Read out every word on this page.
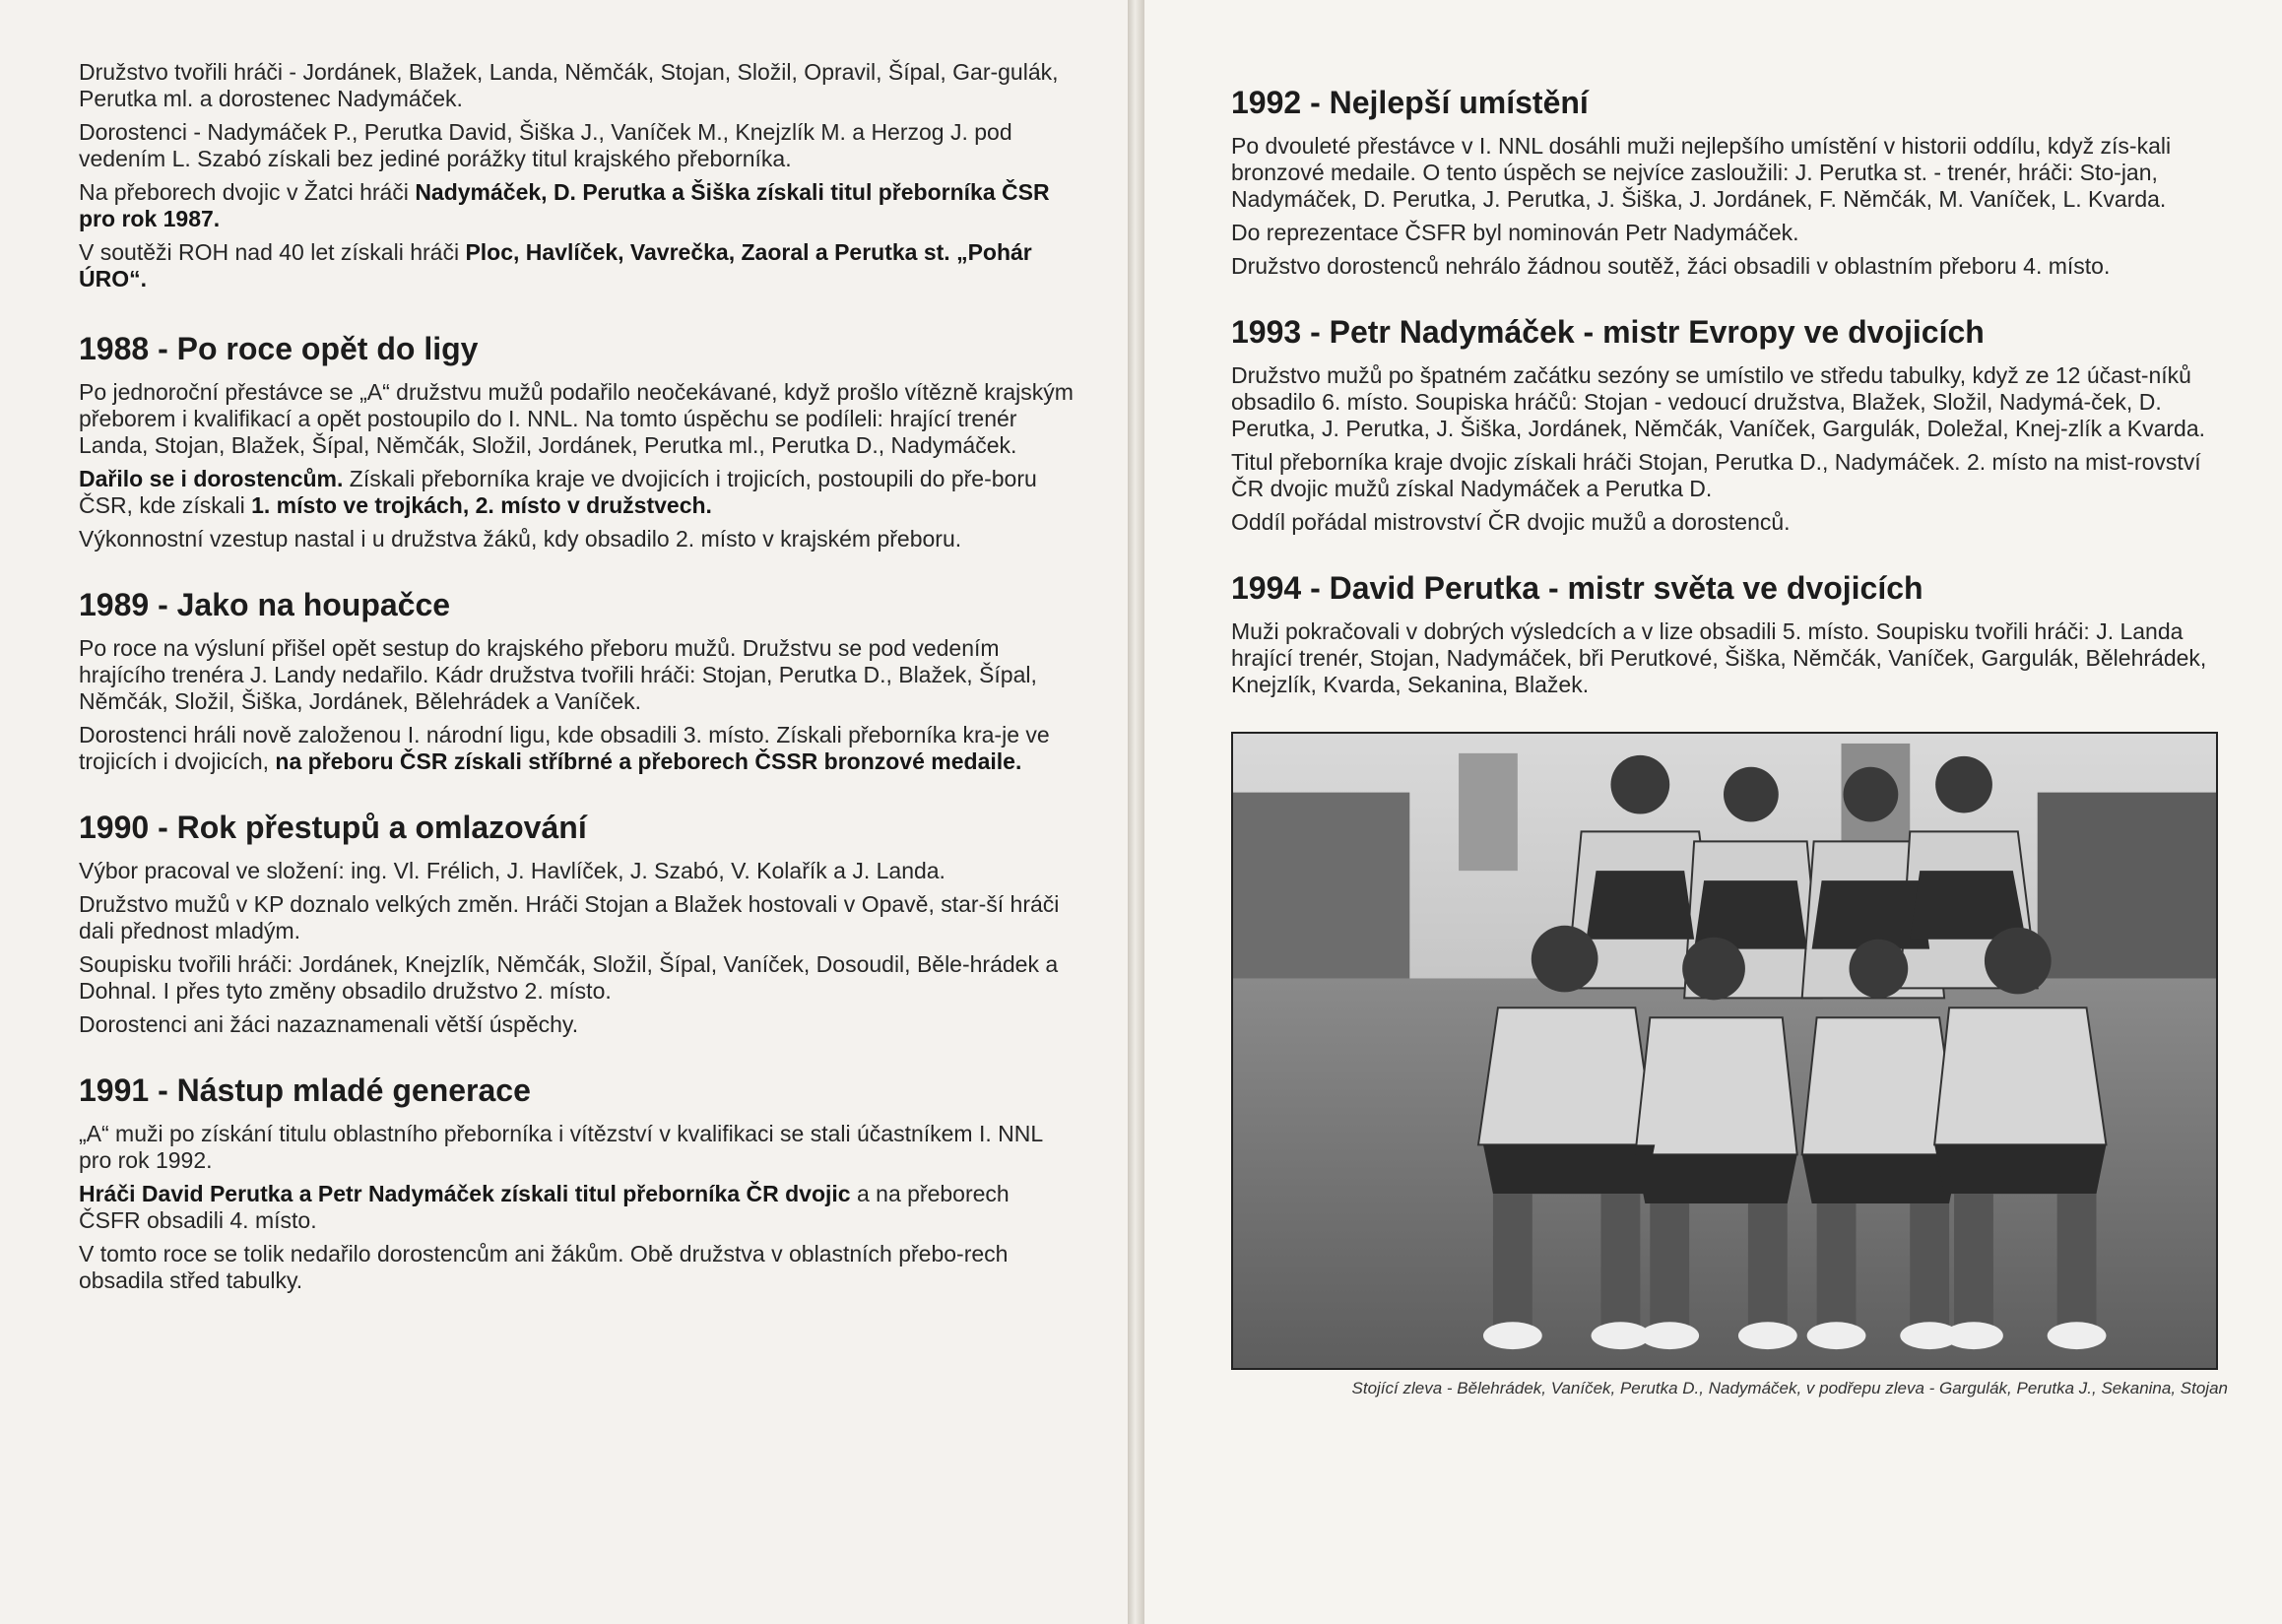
Družstvo tvořili hráči - Jordánek, Blažek, Landa, Němčák, Stojan, Složil, Opravil, Šípal, Gar-gulák, Perutka ml. a dorostenec Nadymáček.

Dorostenci - Nadymáček P., Perutka David, Šiška J., Vaníček M., Knejzlík M. a Herzog J. pod vedením L. Szabó získali bez jediné porážky titul krajského přeborníka.

Na přeborech dvojic v Žatci hráči Nadymáček, D. Perutka a Šiška získali titul přeborníka ČSR pro rok 1987.

V soutěži ROH nad 40 let získali hráči Ploc, Havlíček, Vavrečka, Zaoral a Perutka st. „Pohár ÚRO“.

1988 - Po roce opět do ligy

Po jednoroční přestávce se „A“ družstvu mužů podařilo neočekávané, když prošlo vítězně krajským přeborem i kvalifikací a opět postoupilo do I. NNL. Na tomto úspěchu se podíleli: hrající trenér Landa, Stojan, Blažek, Šípal, Němčák, Složil, Jordánek, Perutka ml., Perutka D., Nadymáček.

Dařilo se i dorostencům. Získali přeborníka kraje ve dvojicích i trojicích, postoupili do pře-boru ČSR, kde získali 1. místo ve trojkách, 2. místo v družstvech.

Výkonnostní vzestup nastal i u družstva žáků, kdy obsadilo 2. místo v krajském přeboru.

1989 - Jako na houpačce

Po roce na výsluní přišel opět sestup do krajského přeboru mužů. Družstvu se pod vedením hrajícího trenéra J. Landy nedařilo. Kádr družstva tvořili hráči: Stojan, Perutka D., Blažek, Šípal, Němčák, Složil, Šiška, Jordánek, Bělehrádek a Vaníček.

Dorostenci hráli nově založenou I. národní ligu, kde obsadili 3. místo. Získali přeborníka kra-je ve trojicích i dvojicích, na přeboru ČSR získali stříbrné a přeborech ČSSR bronzové medaile.

1990 - Rok přestupů a omlazování

Výbor pracoval ve složení: ing. Vl. Frélich, J. Havlíček, J. Szabó, V. Kolařík a J. Landa.

Družstvo mužů v KP doznalo velkých změn. Hráči Stojan a Blažek hostovali v Opavě, star-ší hráči dali přednost mladým.

Soupisku tvořili hráči: Jordánek, Knejzlík, Němčák, Složil, Šípal, Vaníček, Dosoudil, Běle-hrádek a Dohnal. I přes tyto změny obsadilo družstvo 2. místo.

Dorostenci ani žáci nazaznamenali větší úspěchy.

1991 - Nástup mladé generace

„A“ muži po získání titulu oblastního přeborníka i vítězství v kvalifikaci se stali účastníkem I. NNL pro rok 1992.

Hráči David Perutka a Petr Nadymáček získali titul přeborníka ČR dvojic a na přeborech ČSFR obsadili 4. místo.

V tomto roce se tolik nedařilo dorostencům ani žákům. Obě družstva v oblastních přebo-rech obsadila střed tabulky.

1992 - Nejlepší umístění

Po dvouleté přestávce v I. NNL dosáhli muži nejlepšího umístění v historii oddílu, když zís-kali bronzové medaile. O tento úspěch se nejvíce zasloužili: J. Perutka st. - trenér, hráči: Sto-jan, Nadymáček, D. Perutka, J. Perutka, J. Šiška, J. Jordánek, F. Němčák, M. Vaníček, L. Kvarda.

Do reprezentace ČSFR byl nominován Petr Nadymáček.

Družstvo dorostenců nehrálo žádnou soutěž, žáci obsadili v oblastním přeboru 4. místo.

1993 - Petr Nadymáček - mistr Evropy ve dvojicích

Družstvo mužů po špatném začátku sezóny se umístilo ve středu tabulky, když ze 12 účast-níků obsadilo 6. místo. Soupiska hráčů: Stojan - vedoucí družstva, Blažek, Složil, Nadymá-ček, D. Perutka, J. Perutka, J. Šiška, Jordánek, Němčák, Vaníček, Gargulák, Doležal, Knej-zlík a Kvarda.

Titul přeborníka kraje dvojic získali hráči Stojan, Perutka D., Nadymáček. 2. místo na mist-rovství ČR dvojic mužů získal Nadymáček a Perutka D.

Oddíl pořádal mistrovství ČR dvojic mužů a dorostenců.

1994 - David Perutka - mistr světa ve dvojicích

Muži pokračovali v dobrých výsledcích a v lize obsadili 5. místo. Soupisku tvořili hráči: J. Landa hrající trenér, Stojan, Nadymáček, bři Perutkové, Šiška, Němčák, Vaníček, Gargulák, Bělehrádek, Knejzlík, Kvarda, Sekanina, Blažek.

Stojící zleva - Bělehrádek, Vaníček, Perutka D., Nadymáček, v podřepu zleva - Gargulák, Perutka J., Sekanina, Stojan
